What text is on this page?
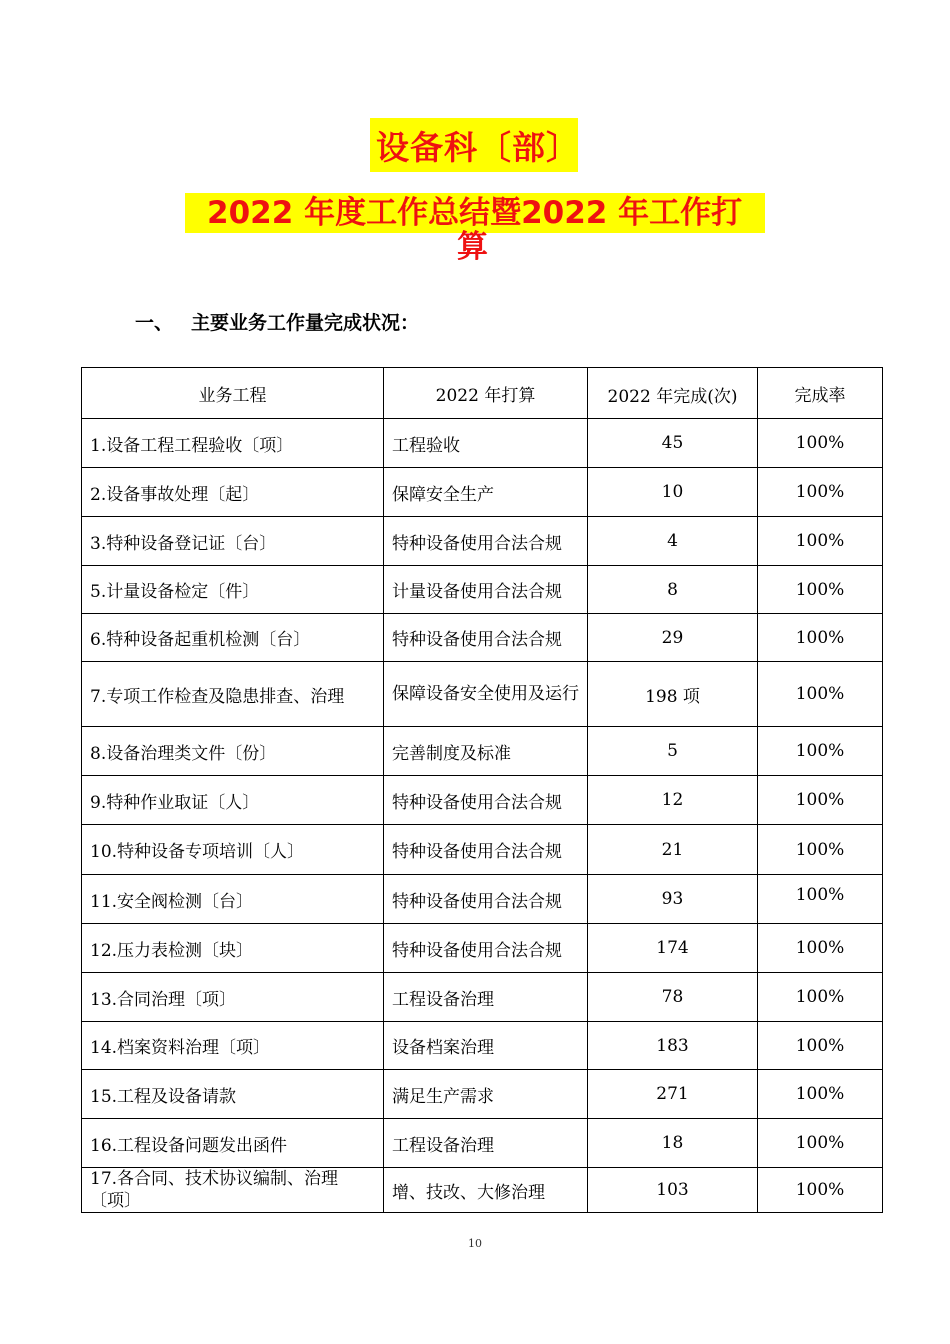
设备科〔部〕
2022 年度工作总结暨2022 年工作打
算
一、 主要业务工作量完成状况：
业务工程	2022 年打算	2022 年完成(次)	完成率
1.设备工程工程验收〔项〕	工程验收	45	100%
2.设备事故处理〔起〕	保障安全生产	10	100%
3.特种设备登记证〔台〕	特种设备使用合法合规	4	100%
5.计量设备检定〔件〕	计量设备使用合法合规	8	100%
6.特种设备起重机检测〔台〕	特种设备使用合法合规	29	100%
7.专项工作检查及隐患排查、治理	保障设备安全使用及运行	198 项	100%
8.设备治理类文件〔份〕	完善制度及标准	5	100%
9.特种作业取证〔人〕	特种设备使用合法合规	12	100%
10.特种设备专项培训〔人〕	特种设备使用合法合规	21	100%
11.安全阀检测〔台〕	特种设备使用合法合规	93	100%
12.压力表检测〔块〕	特种设备使用合法合规	174	100%
13.合同治理〔项〕	工程设备治理	78	100%
14.档案资料治理〔项〕	设备档案治理	183	100%
15.工程及设备请款	满足生产需求	271	100%
16.工程设备问题发出函件	工程设备治理	18	100%
17.各合同、技术协议编制、治理〔项〕	增、技改、大修治理	103	100%
10
